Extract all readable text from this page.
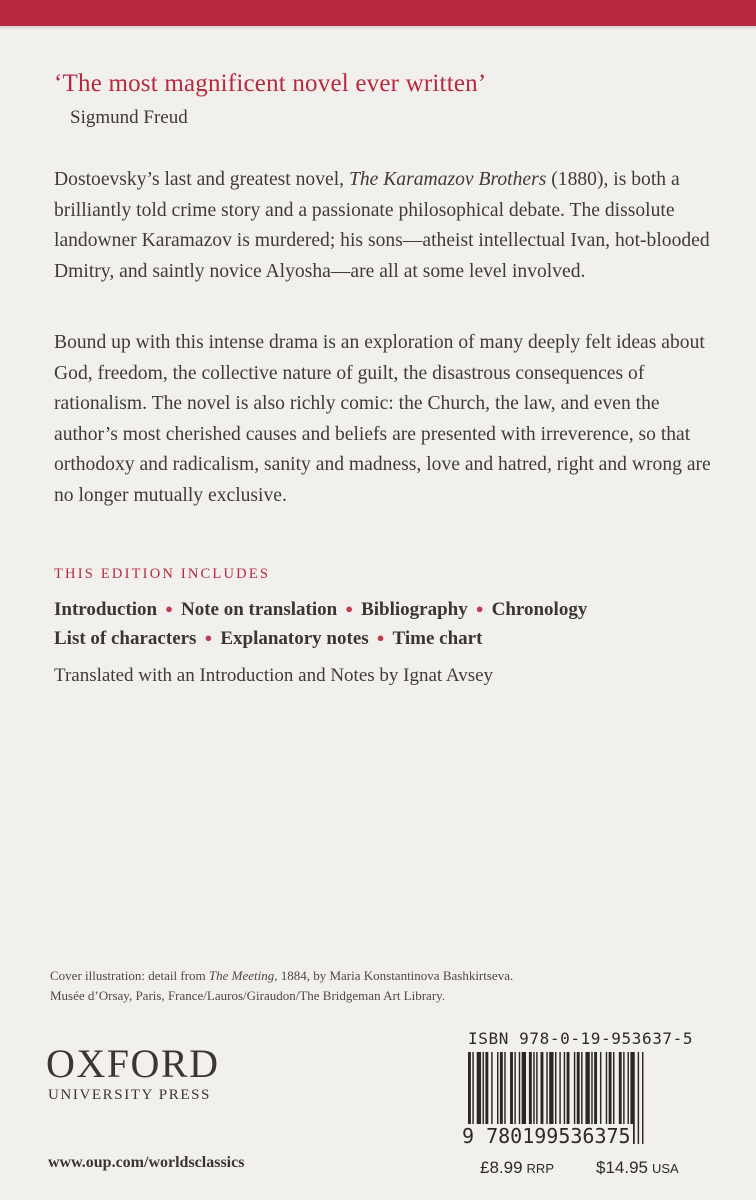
‘The most magnificent novel ever written’
Sigmund Freud

Dostoevsky’s last and greatest novel, The Karamazov Brothers (1880), is both a brilliantly told crime story and a passionate philosophical debate. The dissolute landowner Karamazov is murdered; his sons—atheist intellectual Ivan, hot-blooded Dmitry, and saintly novice Alyosha—are all at some level involved.

Bound up with this intense drama is an exploration of many deeply felt ideas about God, freedom, the collective nature of guilt, the disastrous consequences of rationalism. The novel is also richly comic: the Church, the law, and even the author’s most cherished causes and beliefs are presented with irreverence, so that orthodoxy and radicalism, sanity and madness, love and hatred, right and wrong are no longer mutually exclusive.

THIS EDITION INCLUDES
Introduction ● Note on translation ● Bibliography ● Chronology
List of characters ● Explanatory notes ● Time chart
Translated with an Introduction and Notes by Ignat Avsey
Cover illustration: detail from The Meeting, 1884, by Maria Konstantinova Bashkirtseva.
Musée d’Orsay, Paris, France/Lauros/Giraudon/The Bridgeman Art Library.
OXFORD
UNIVERSITY PRESS
www.oup.com/worldsclassics
ISBN 978-0-19-953637-5
9 780199536375
£8.99 RRP $14.95 USA
